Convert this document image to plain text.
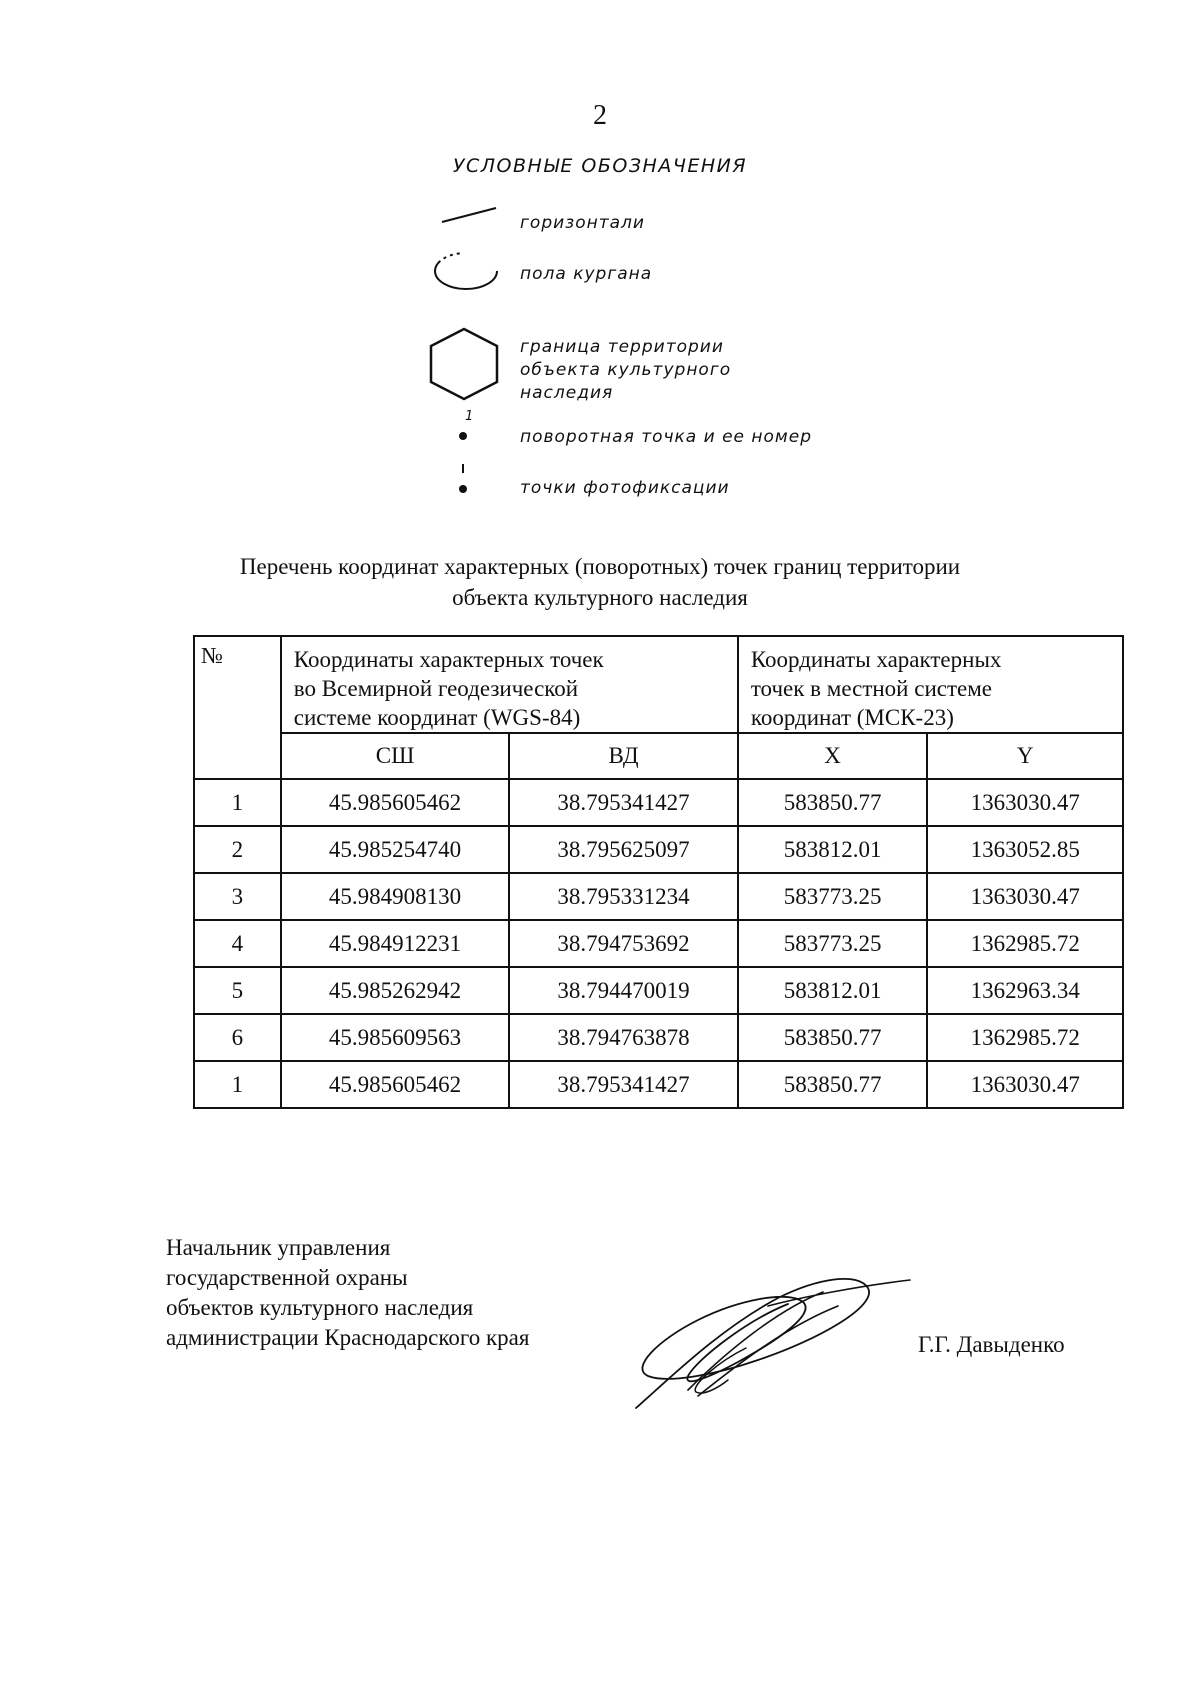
2
УСЛОВНЫЕ ОБОЗНАЧЕНИЯ
горизонтали
пола кургана
граница территории
объекта культурного
наследия
1
поворотная точка и ее номер
точки фотофиксации
Перечень координат характерных (поворотных) точек границ территории
объекта культурного наследия
№	Координаты характерных точек
во Всемирной геодезической
системе координат (WGS-84)		Координаты характерных
точек в местной системе
координат (МСК-23)	

	СШ	ВД	X	Y
1	45.985605462	38.795341427	583850.77	1363030.47
2	45.985254740	38.795625097	583812.01	1363052.85
3	45.984908130	38.795331234	583773.25	1363030.47
4	45.984912231	38.794753692	583773.25	1362985.72
5	45.985262942	38.794470019	583812.01	1362963.34
6	45.985609563	38.794763878	583850.77	1362985.72
1	45.985605462	38.795341427	583850.77	1363030.47
Начальник управления
государственной охраны
объектов культурного наследия
администрации Краснодарского края	Г.Г. Давыденко
